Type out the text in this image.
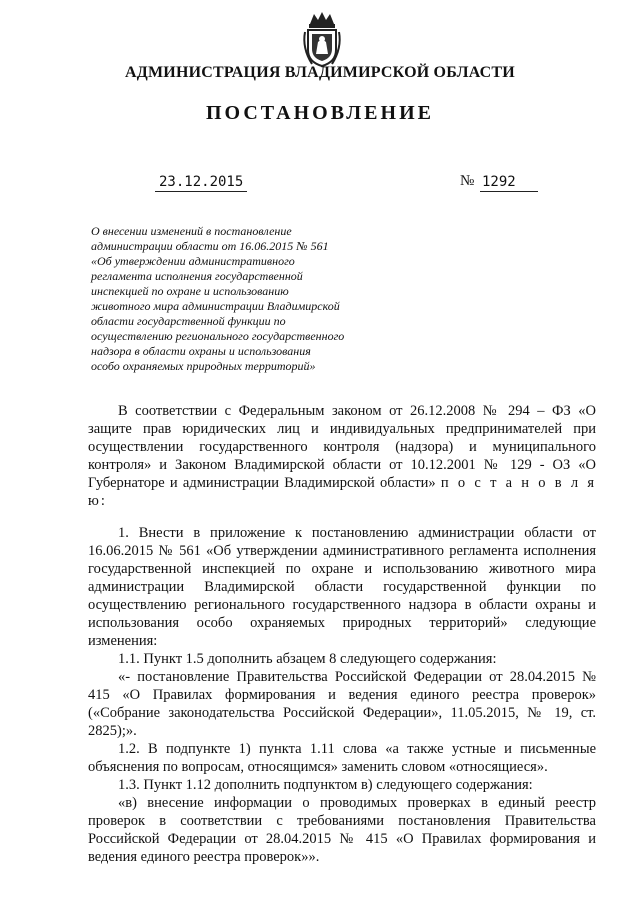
АДМИНИСТРАЦИЯ ВЛАДИМИРСКОЙ ОБЛАСТИ
ПОСТАНОВЛЕНИЕ
23.12.2015	№ 1292
О внесении изменений в постановление
администрации области от 16.06.2015 № 561
«Об утверждении административного
регламента исполнения государственной
инспекцией по охране и использованию
животного мира администрации Владимирской
области государственной функции по
осуществлению регионального государственного
надзора в области охраны и использования
особо охраняемых природных территорий»

В соответствии с Федеральным законом от 26.12.2008 № 294 – ФЗ «О защите прав юридических лиц и индивидуальных предпринимателей при осуществлении государственного контроля (надзора) и муниципального контроля» и Законом Владимирской области от 10.12.2001 № 129 - ОЗ «О Губернаторе и администрации Владимирской области» п о с т а н о в л я ю:

1. Внести в приложение к постановлению администрации области от 16.06.2015 № 561 «Об утверждении административного регламента исполнения государственной инспекцией по охране и использованию животного мира администрации Владимирской области государственной функции по осуществлению регионального государственного надзора в области охраны и использования особо охраняемых природных территорий» следующие изменения:

1.1. Пункт 1.5 дополнить абзацем 8 следующего содержания:

«- постановление Правительства Российской Федерации от 28.04.2015 № 415 «О Правилах формирования и ведения единого реестра проверок» («Собрание законодательства Российской Федерации», 11.05.2015, № 19, ст. 2825);».

1.2. В подпункте 1) пункта 1.11 слова «а также устные и письменные объяснения по вопросам, относящимся» заменить словом «относящиеся».

1.3. Пункт 1.12 дополнить подпунктом в) следующего содержания:

«в) внесение информации о проводимых проверках в единый реестр проверок в соответствии с требованиями постановления Правительства Российской Федерации от 28.04.2015 № 415 «О Правилах формирования и ведения единого реестра проверок»».
